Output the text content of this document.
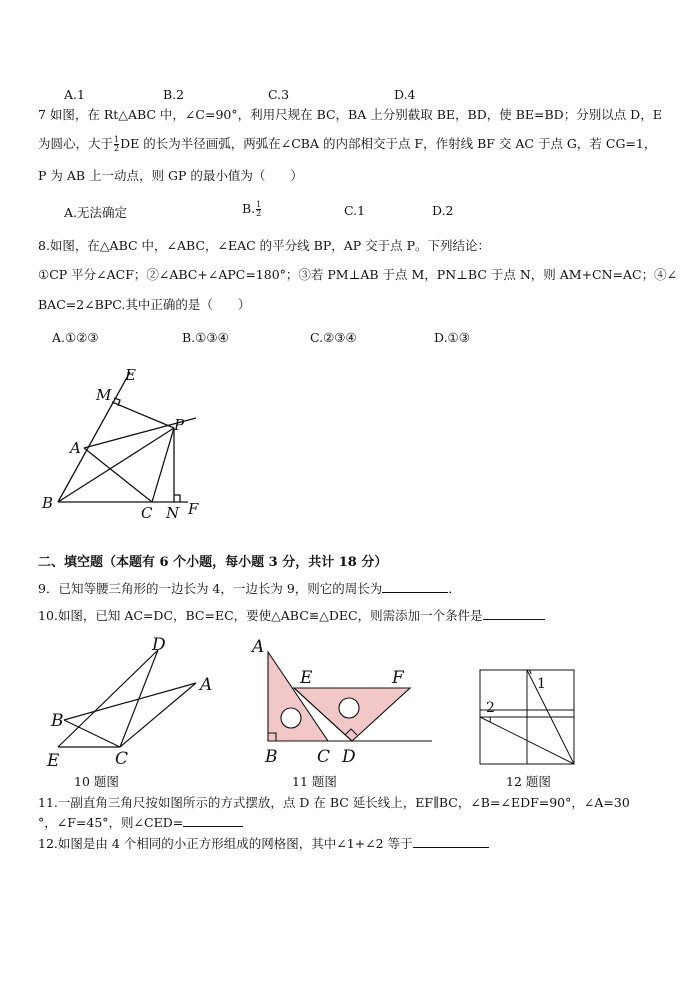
A.1	B.2	C.3	D.4
7 如图，在 Rt△ABC 中，∠C=90°，利用尺规在 BC，BA 上分别截取 BE，BD，使 BE=BD；分别以点 D，E
为圆心，大于 $\frac{1}{2}$ DE 的长为半径画弧，两弧在∠CBA 的内部相交于点 F，作射线 BF 交 AC 于点 G，若 CG=1，
P 为 AB 上一动点，则 GP 的最小值为（　　）
A.无法确定	B. $\frac{1}{2}$	C.1	D.2
8.如图，在△ABC 中，∠ABC，∠EAC 的平分线 BP，AP 交于点 P。下列结论：
①CP 平分∠ACF；②∠ABC+∠APC=180°；③若 PM⊥AB 于点 M，PN⊥BC 于点 N，则 AM+CN=AC；④∠
BAC=2∠BPC.其中正确的是（　　）
A.①②③	B.①③④	C.②③④	D.①③
E
M
P
A
B
C N F
二、填空题（本题有 6 个小题，每小题 3 分，共计 18 分）
9．已知等腰三角形的一边长为 4，一边长为 9，则它的周长为	．
10.如图，已知 AC=DC，BC=EC，要使△ABC≌△DEC，则需添加一个条件是
D
A
B
E	C
A
E	F
B C D
1
2
10 题图	11 题图	12 题图
11.一副直角三角尺按如图所示的方式摆放，点 D 在 BC 延长线上，EF∥BC，∠B=∠EDF=90°，∠A=30
°，∠F=45°，则∠CED=
12.如图是由 4 个相同的小正方形组成的网格图，其中∠1+∠2 等于
